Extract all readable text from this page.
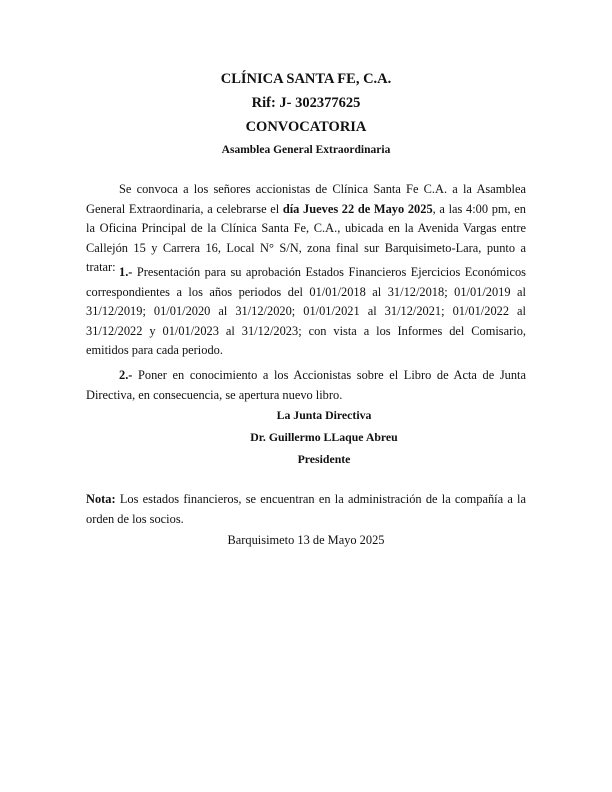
CLÍNICA SANTA FE, C.A.
Rif: J- 302377625
CONVOCATORIA
Asamblea General Extraordinaria
Se convoca a los señores accionistas de Clínica Santa Fe C.A. a la Asamblea General Extraordinaria, a celebrarse el día Jueves 22 de Mayo 2025, a las 4:00 pm, en la Oficina Principal de la Clínica Santa Fe, C.A., ubicada en la Avenida Vargas entre Callejón 15 y Carrera 16, Local N° S/N, zona final sur Barquisimeto-Lara, punto a tratar: 1.- Presentación para su aprobación Estados Financieros Ejercicios Económicos correspondientes a los años periodos del 01/01/2018 al 31/12/2018; 01/01/2019 al 31/12/2019; 01/01/2020 al 31/12/2020; 01/01/2021 al 31/12/2021; 01/01/2022 al 31/12/2022 y 01/01/2023 al 31/12/2023; con vista a los Informes del Comisario, emitidos para cada periodo.
2.- Poner en conocimiento a los Accionistas sobre el Libro de Acta de Junta Directiva, en consecuencia, se apertura nuevo libro.
La Junta Directiva
Dr. Guillermo LLaque Abreu
Presidente
Nota: Los estados financieros, se encuentran en la administración de la compañía a la orden de los socios.
Barquisimeto 13 de Mayo 2025
